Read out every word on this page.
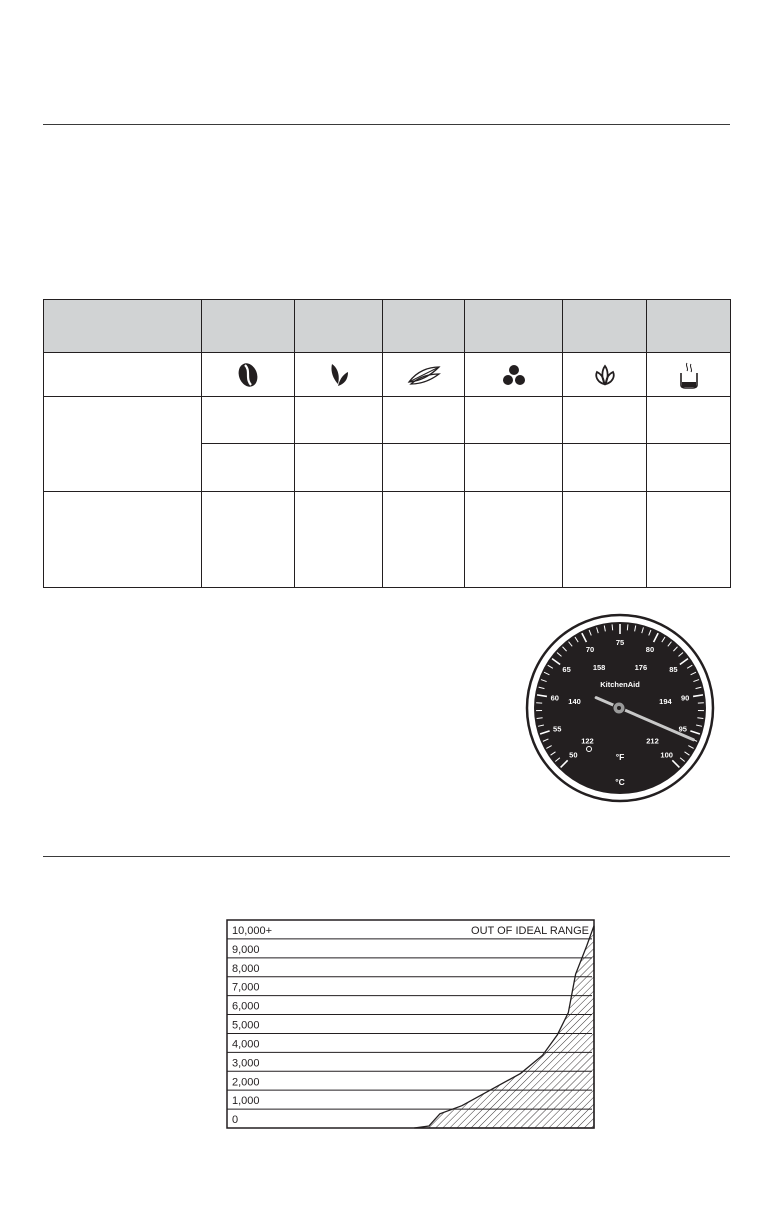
50
55
60
65
70
75
80
85
90
95
100
122
140
158	176
194
212
KitchenAid
°F
°C
10,000+	OUT OF IDEAL RANGE
9,000
8,000
7,000
6,000
5,000
4,000
3,000
2,000
1,000
0
